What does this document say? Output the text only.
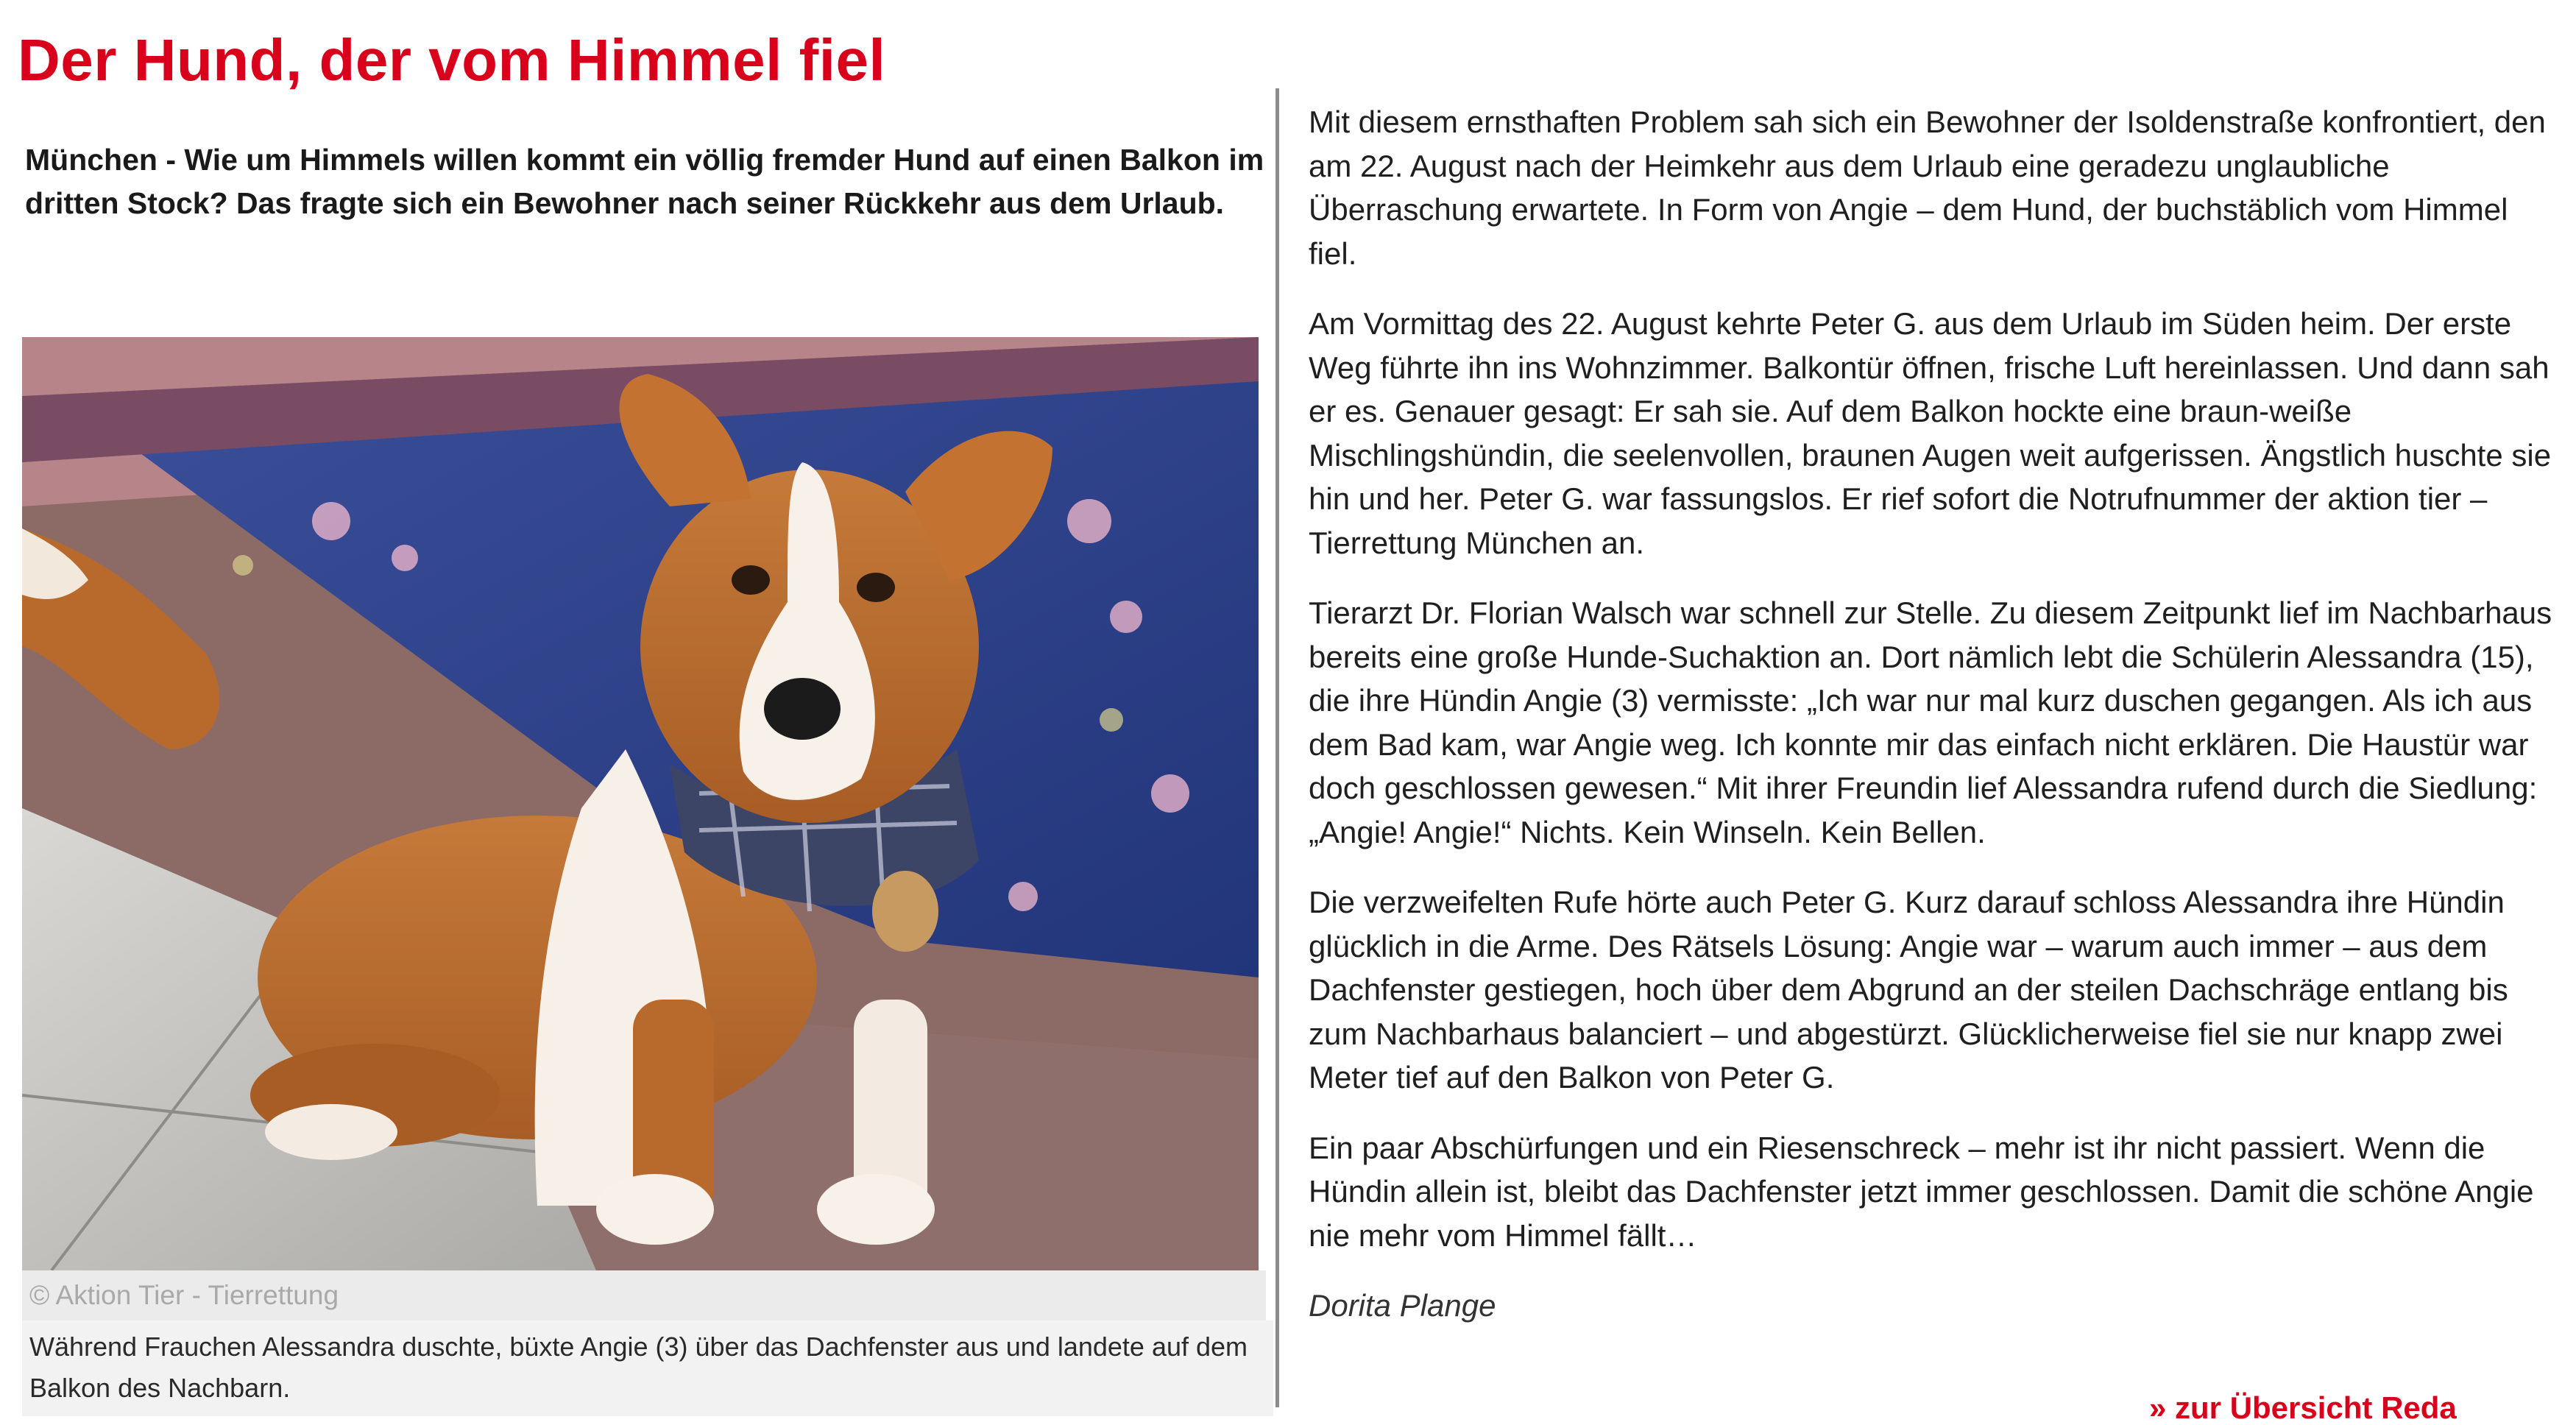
Der Hund, der vom Himmel fiel

München - Wie um Himmels willen kommt ein völlig fremder Hund auf einen Balkon im dritten Stock? Das fragte sich ein Bewohner nach seiner Rückkehr aus dem Urlaub.

© Aktion Tier - Tierrettung
Während Frauchen Alessandra duschte, büxte Angie (3) über das Dachfenster aus und landete auf dem Balkon des Nachbarn.

Mit diesem ernsthaften Problem sah sich ein Bewohner der Isoldenstraße konfrontiert, den am 22. August nach der Heimkehr aus dem Urlaub eine geradezu unglaubliche Überraschung erwartete. In Form von Angie – dem Hund, der buchstäblich vom Himmel fiel.

Am Vormittag des 22. August kehrte Peter G. aus dem Urlaub im Süden heim. Der erste Weg führte ihn ins Wohnzimmer. Balkontür öffnen, frische Luft hereinlassen. Und dann sah er es. Genauer gesagt: Er sah sie. Auf dem Balkon hockte eine braun-weiße Mischlingshündin, die seelenvollen, braunen Augen weit aufgerissen. Ängstlich huschte sie hin und her. Peter G. war fassungslos. Er rief sofort die Notrufnummer der aktion tier – Tierrettung München an.

Tierarzt Dr. Florian Walsch war schnell zur Stelle. Zu diesem Zeitpunkt lief im Nachbarhaus bereits eine große Hunde-Suchaktion an. Dort nämlich lebt die Schülerin Alessandra (15), die ihre Hündin Angie (3) vermisste: „Ich war nur mal kurz duschen gegangen. Als ich aus dem Bad kam, war Angie weg. Ich konnte mir das einfach nicht erklären. Die Haustür war doch geschlossen gewesen.“ Mit ihrer Freundin lief Alessandra rufend durch die Siedlung: „Angie! Angie!“ Nichts. Kein Winseln. Kein Bellen.

Die verzweifelten Rufe hörte auch Peter G. Kurz darauf schloss Alessandra ihre Hündin glücklich in die Arme. Des Rätsels Lösung: Angie war – warum auch immer – aus dem Dachfenster gestiegen, hoch über dem Abgrund an der steilen Dachschräge entlang bis zum Nachbarhaus balanciert – und abgestürzt. Glücklicherweise fiel sie nur knapp zwei Meter tief auf den Balkon von Peter G.

Ein paar Abschürfungen und ein Riesenschreck – mehr ist ihr nicht passiert. Wenn die Hündin allein ist, bleibt das Dachfenster jetzt immer geschlossen. Damit die schöne Angie nie mehr vom Himmel fällt…

Dorita Plange

» zur Übersicht Reda
